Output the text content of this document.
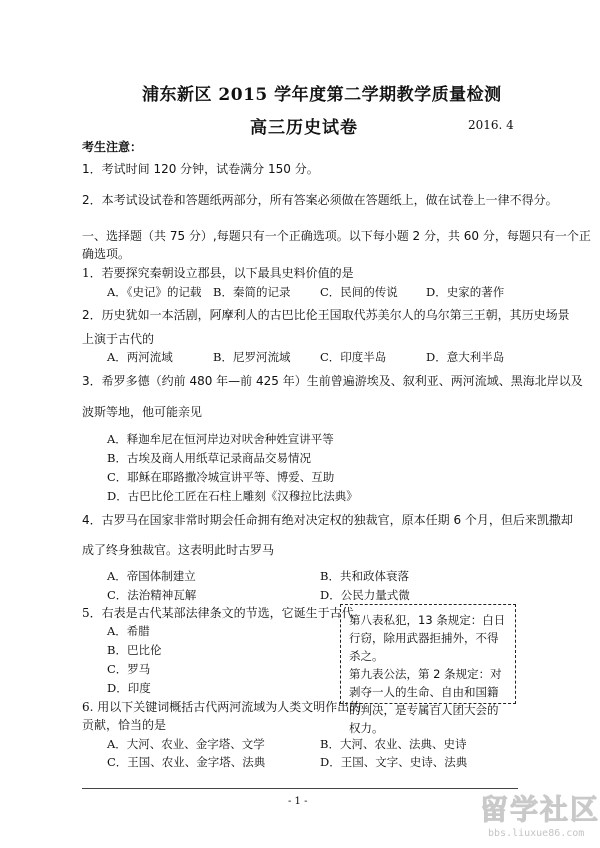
浦东新区 2015 学年度第二学期教学质量检测
高三历史试卷	2016. 4
考生注意：
1．考试时间 120 分钟，试卷满分 150 分。
2．本考试设试卷和答题纸两部分，所有答案必须做在答题纸上，做在试卷上一律不得分。
一、选择题（共 75 分）,每题只有一个正确选项。以下每小题 2 分，共 60 分，每题只有一个正
确选项。
1．若要探究秦朝设立郡县，以下最具史料价值的是
A．《史记》的记载 B．秦简的记录	C．民间的传说 D．史家的著作
2．历史犹如一本活剧，阿摩利人的古巴比伦王国取代苏美尔人的乌尔第三王朝，其历史场景
上演于古代的
A．两河流域	B．尼罗河流域	C．印度半岛	D．意大利半岛
3．希罗多德（约前 480 年—前 425 年）生前曾遍游埃及、叙利亚、两河流域、黑海北岸以及
波斯等地，他可能亲见
A．释迦牟尼在恒河岸边对吠舍种姓宣讲平等
B．古埃及商人用纸草记录商品交易情况
C．耶稣在耶路撒冷城宣讲平等、博爱、互助
D．古巴比伦工匠在石柱上雕刻《汉穆拉比法典》
4．古罗马在国家非常时期会任命拥有绝对决定权的独裁官，原本任期 6 个月，但后来凯撒却
成了终身独裁官。这表明此时古罗马
A．帝国体制建立	B．共和政体衰落
C．法治精神瓦解	D．公民力量式微
5．右表是古代某部法律条文的节选，它诞生于古代
A．希腊
B．巴比伦
C．罗马
D．印度

第八表私犯，13 条规定：白日行窃，除用武器拒捕外，不得杀之。

第九表公法，第 2 条规定：对剥夺一人的生命、自由和国籍的判决，是专属百人团大会的权力。

6. 用以下关键词概括古代两河流域为人类文明作出的
贡献，恰当的是
A．大河、农业、金字塔、文学	B．大河、农业、法典、史诗
C．王国、农业、金字塔、法典	D．王国、文字、史诗、法典
- 1 -	留学社区
bbs.liuxue86.com
